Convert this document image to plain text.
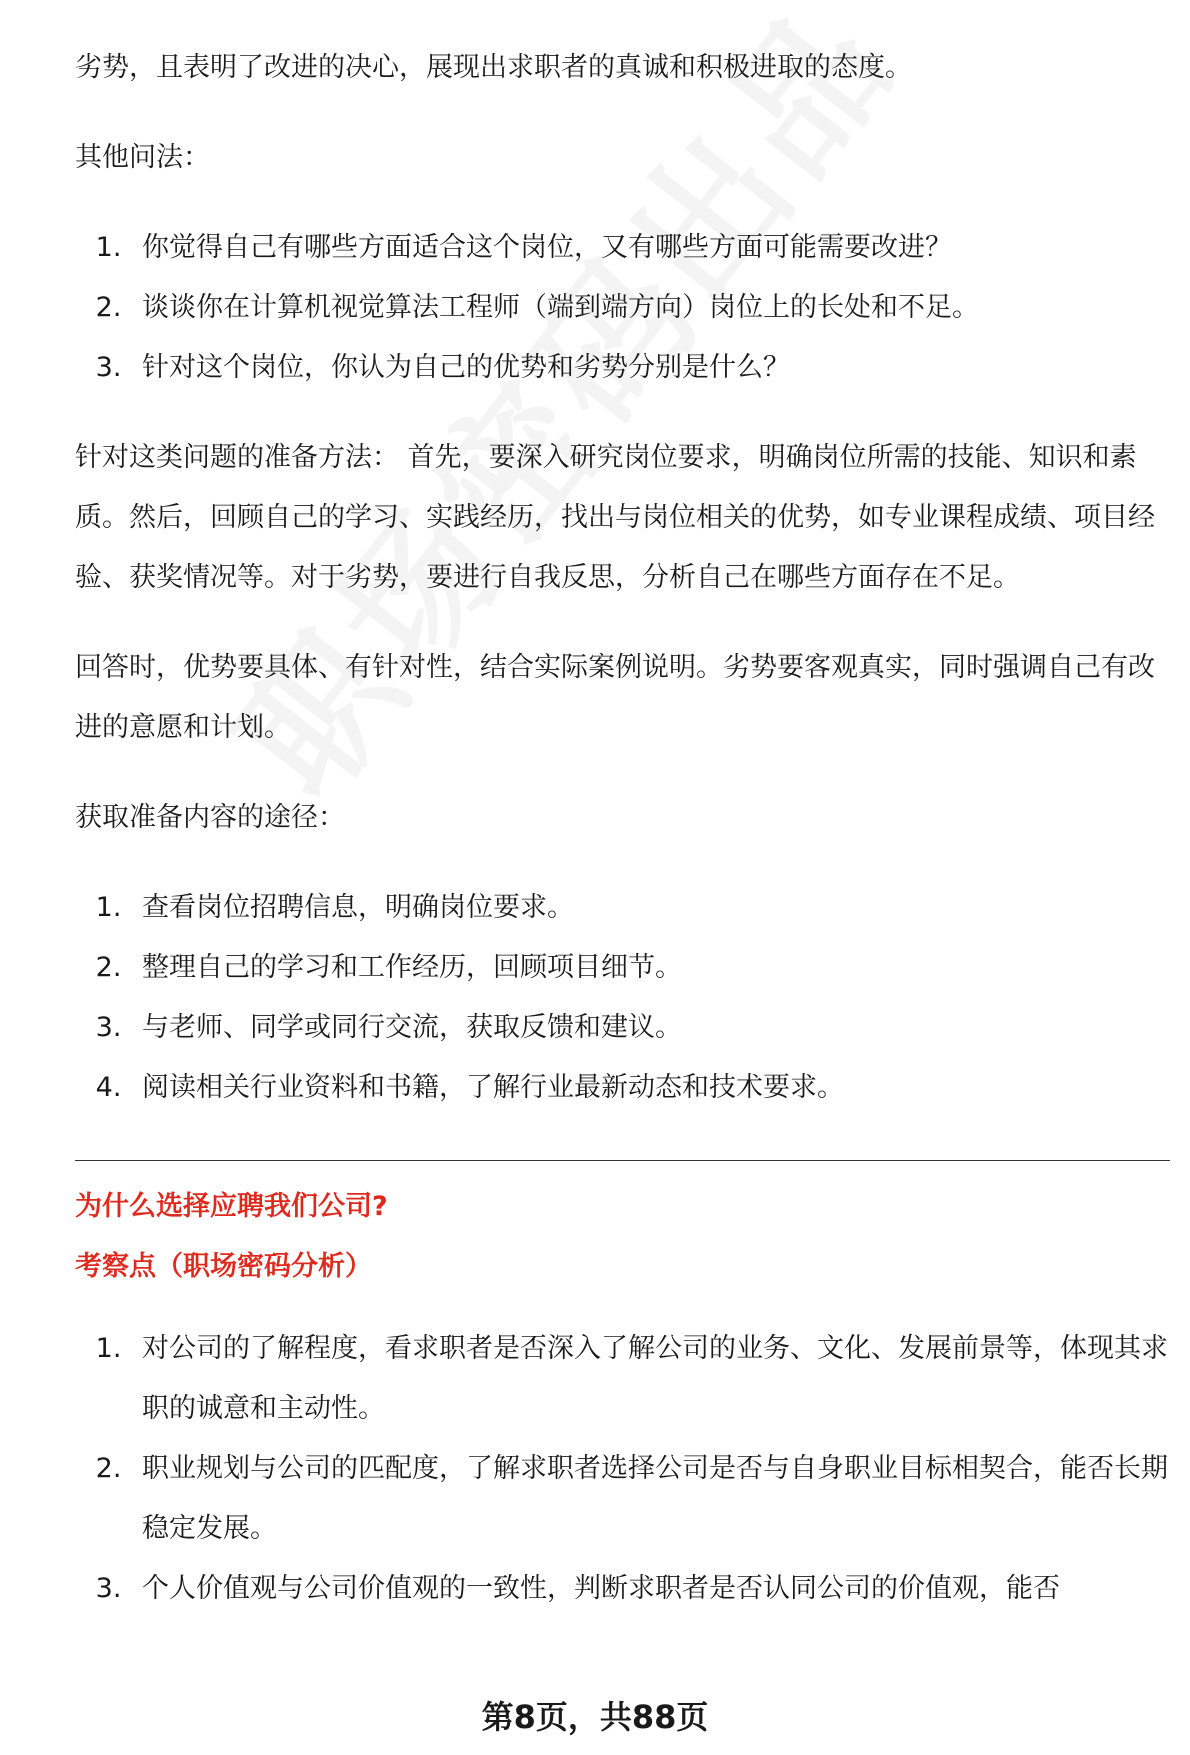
劣势，且表明了改进的决心，展现出求职者的真诚和积极进取的态度。

其他问法：

1. 你觉得自己有哪些方面适合这个岗位，又有哪些方面可能需要改进？
2. 谈谈你在计算机视觉算法工程师（端到端方向）岗位上的长处和不足。
3. 针对这个岗位，你认为自己的优势和劣势分别是什么？

针对这类问题的准备方法： 首先，要深入研究岗位要求，明确岗位所需的技能、知识和素质。然后，回顾自己的学习、实践经历，找出与岗位相关的优势，如专业课程成绩、项目经验、获奖情况等。对于劣势，要进行自我反思，分析自己在哪些方面存在不足。

回答时，优势要具体、有针对性，结合实际案例说明。劣势要客观真实，同时强调自己有改进的意愿和计划。

获取准备内容的途径：

1. 查看岗位招聘信息，明确岗位要求。
2. 整理自己的学习和工作经历，回顾项目细节。
3. 与老师、同学或同行交流，获取反馈和建议。
4. 阅读相关行业资料和书籍，了解行业最新动态和技术要求。

为什么选择应聘我们公司?

考察点（职场密码分析）

1. 对公司的了解程度，看求职者是否深入了解公司的业务、文化、发展前景等，体现其求职的诚意和主动性。
2. 职业规划与公司的匹配度，了解求职者选择公司是否与自身职业目标相契合，能否长期稳定发展。
3. 个人价值观与公司价值观的一致性，判断求职者是否认同公司的价值观，能否
第8页，共88页
